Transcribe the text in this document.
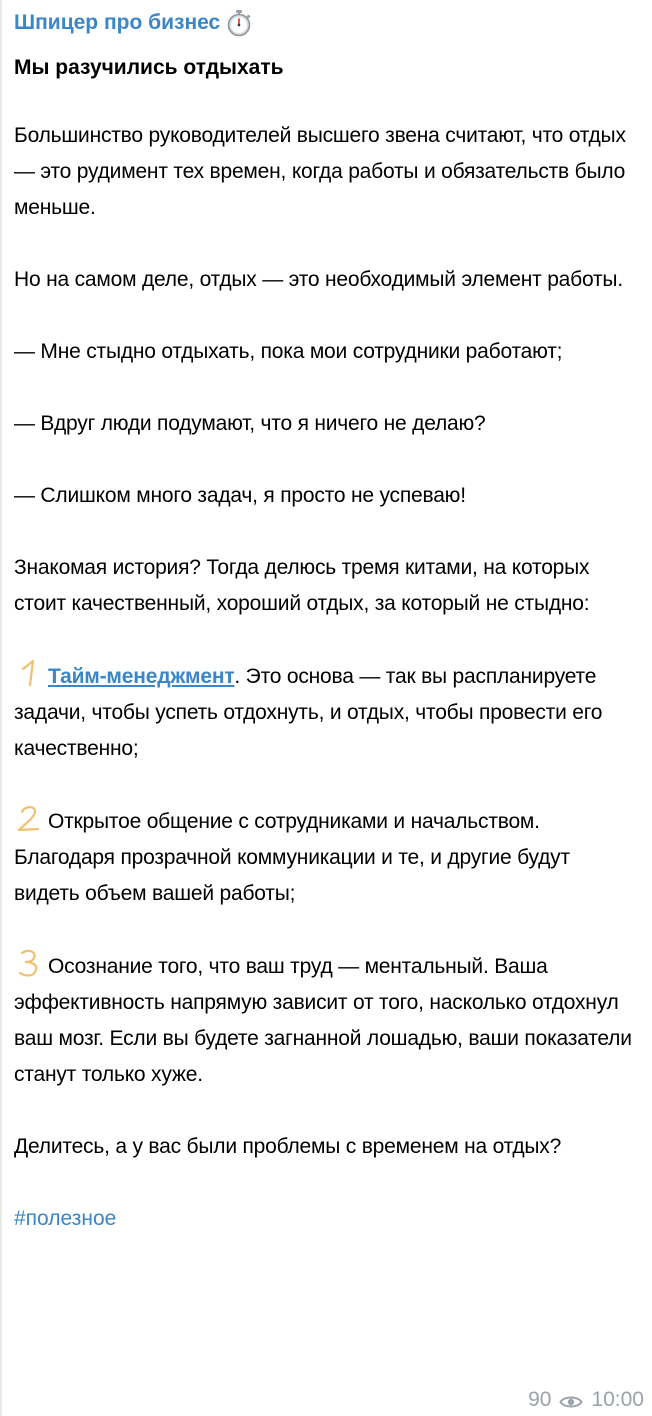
Шпицер про бизнес
Мы разучились отдыхать

Большинство руководителей высшего звена считают, что отдых — это рудимент тех времен, когда работы и обязательств было меньше.

Но на самом деле, отдых — это необходимый элемент работы.

— Мне стыдно отдыхать, пока мои сотрудники работают;

— Вдруг люди подумают, что я ничего не делаю?

— Слишком много задач, я просто не успеваю!

Знакомая история? Тогда делюсь тремя китами, на которых стоит качественный, хороший отдых, за который не стыдно:

Тайм-менеджмент. Это основа — так вы распланируете задачи, чтобы успеть отдохнуть, и отдых, чтобы провести его качественно;

Открытое общение с сотрудниками и начальством. Благодаря прозрачной коммуникации и те, и другие будут видеть объем вашей работы;

Осознание того, что ваш труд — ментальный. Ваша эффективность напрямую зависит от того, насколько отдохнул ваш мозг. Если вы будете загнанной лошадью, ваши показатели станут только хуже.

Делитесь, а у вас были проблемы с временем на отдых?

#полезное
90 10:00
